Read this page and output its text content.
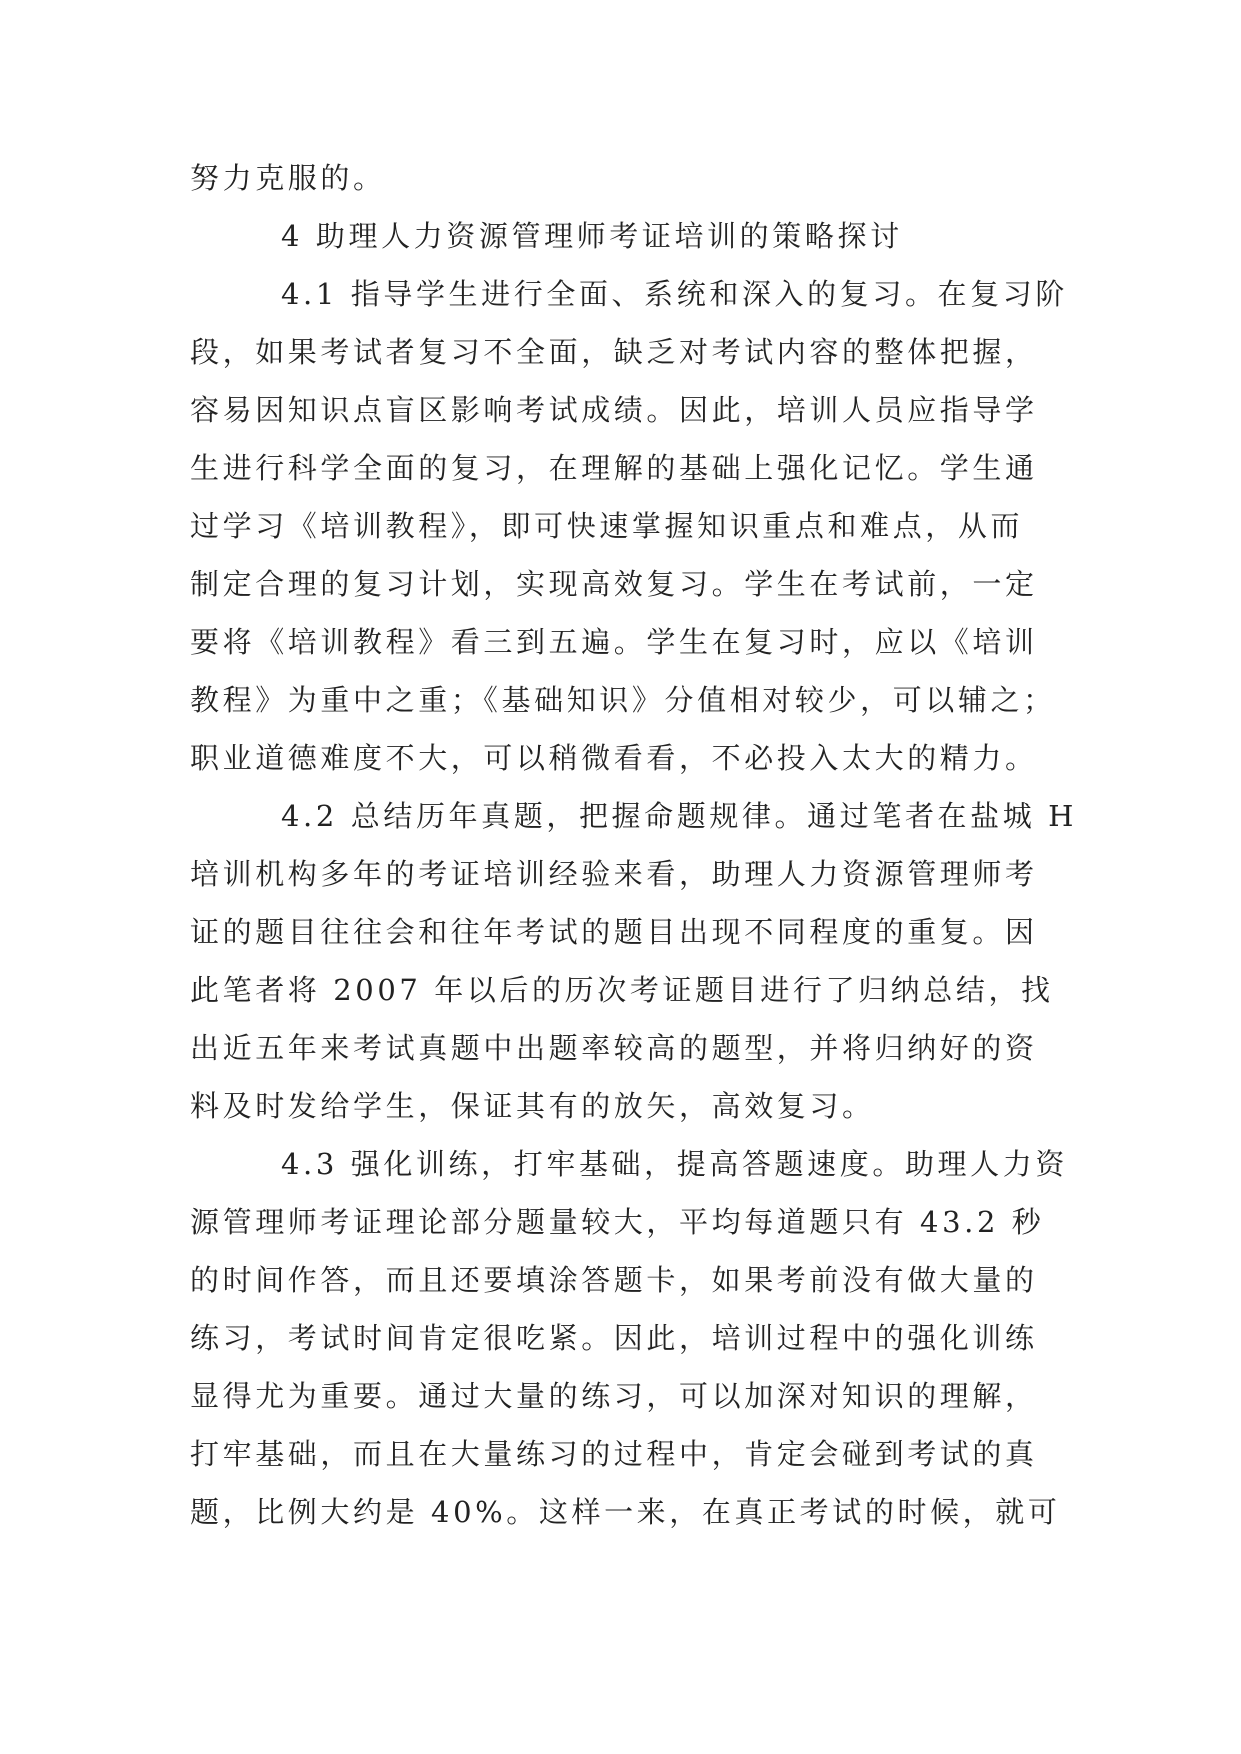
努力克服的。
4 助理人力资源管理师考证培训的策略探讨
4.1 指导学生进行全面、系统和深入的复习。在复习阶
段，如果考试者复习不全面，缺乏对考试内容的整体把握，
容易因知识点盲区影响考试成绩。因此，培训人员应指导学
生进行科学全面的复习，在理解的基础上强化记忆。学生通
过学习《培训教程》，即可快速掌握知识重点和难点，从而
制定合理的复习计划，实现高效复习。学生在考试前，一定
要将《培训教程》看三到五遍。学生在复习时，应以《培训
教程》为重中之重；《基础知识》分值相对较少，可以辅之；
职业道德难度不大，可以稍微看看，不必投入太大的精力。
4.2 总结历年真题，把握命题规律。通过笔者在盐城 H
培训机构多年的考证培训经验来看，助理人力资源管理师考
证的题目往往会和往年考试的题目出现不同程度的重复。因
此笔者将 2007 年以后的历次考证题目进行了归纳总结，找
出近五年来考试真题中出题率较高的题型，并将归纳好的资
料及时发给学生，保证其有的放矢，高效复习。
4.3 强化训练，打牢基础，提高答题速度。助理人力资
源管理师考证理论部分题量较大，平均每道题只有 43.2 秒
的时间作答，而且还要填涂答题卡，如果考前没有做大量的
练习，考试时间肯定很吃紧。因此，培训过程中的强化训练
显得尤为重要。通过大量的练习，可以加深对知识的理解，
打牢基础，而且在大量练习的过程中，肯定会碰到考试的真
题，比例大约是 40%。这样一来，在真正考试的时候，就可
